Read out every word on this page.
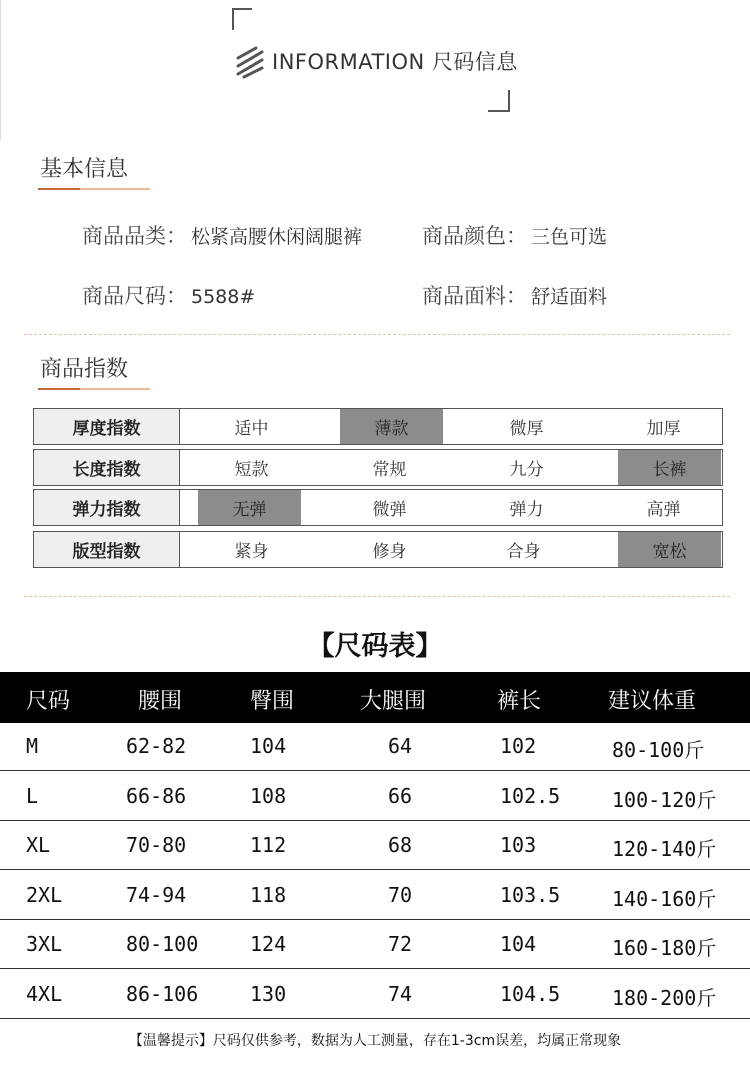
INFORMATION 尺码信息
基本信息
商品品类： 松紧高腰休闲阔腿裤	商品颜色： 三色可选
商品尺码： 5588#	商品面料： 舒适面料
商品指数
厚度指数	适中	薄款	微厚	加厚
长度指数	短款	常规	九分	长裤
弹力指数	无弹	微弹	弹力	高弹
版型指数	紧身	修身	合身	宽松
【尺码表】
尺码	腰围	臀围	大腿围	裤长	建议体重
M	62-82	104	64	102	80-100斤
L	66-86	108	66	102.5	100-120斤
XL	70-80	112	68	103	120-140斤
2XL	74-94	118	70	103.5	140-160斤
3XL	80-100	124	72	104	160-180斤
4XL	86-106	130	74	104.5	180-200斤
【温馨提示】尺码仅供参考，数据为人工测量，存在1-3cm误差，均属正常现象
